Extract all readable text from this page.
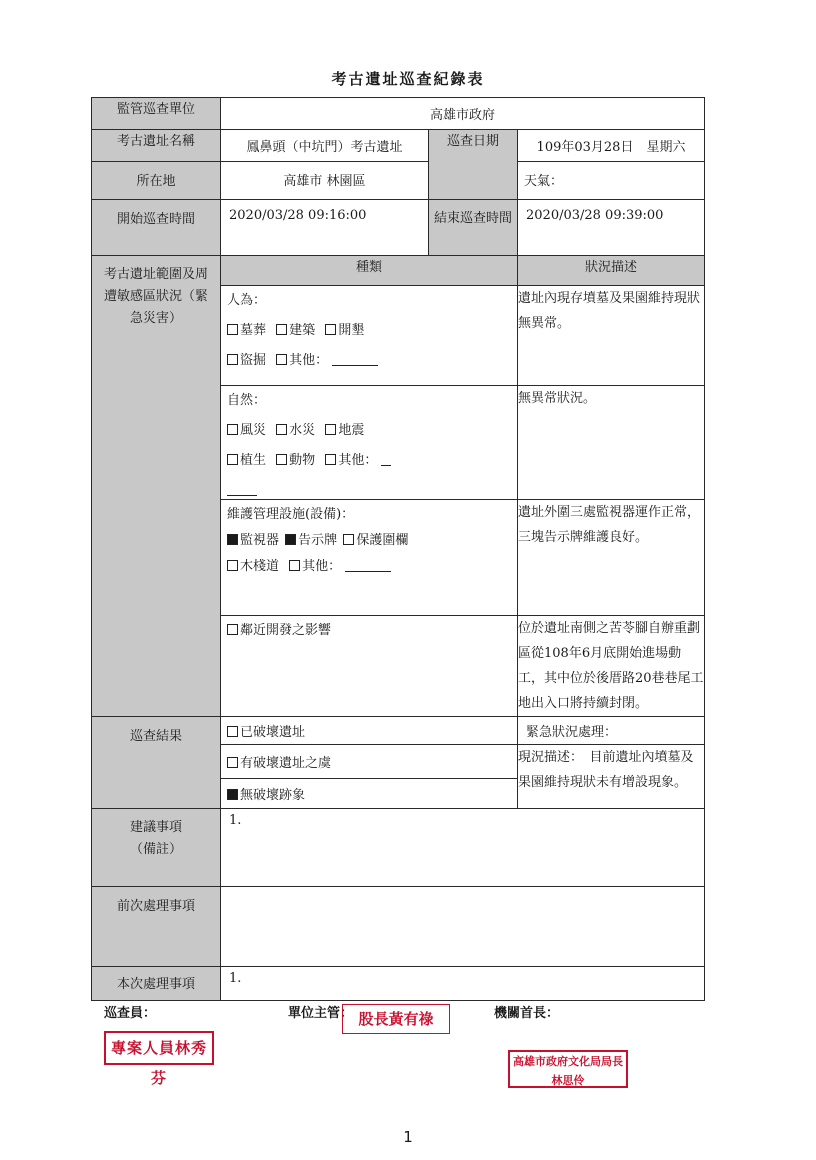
考古遺址巡查紀錄表
監管巡查單位	高雄市政府		
考古遺址名稱	鳳鼻頭（中坑門）考古遺址	巡查日期	109年03月28日　星期六
所在地	高雄市 林園區		天氣：
開始巡查時間	2020/03/28 09:16:00	結束巡查時間	2020/03/28 09:39:00
考古遺址範圍及周遭敏感區狀況（緊急災害）	種類		狀況描述

	人為：
墓葬 建築 開墾
盜掘 其他：		遺址內現存墳墓及果園維持現狀無異常。

	自然：
風災 水災 地震
植生 動物 其他：		無異常狀況。

	維護管理設施(設備)：
監視器 告示牌 保護圍欄
木棧道 其他：		遺址外圍三處監視器運作正常，三塊告示牌維護良好。

	鄰近開發之影響		位於遺址南側之苦苓腳自辦重劃區從108年6月底開始進場動工，其中位於後厝路20巷巷尾工地出入口將持續封閉。
巡查結果	已破壞遺址		緊急狀況處理：
	有破壞遺址之虞		現況描述：　目前遺址內墳墓及果園維持現狀未有增設現象。
	無破壞跡象		
建議事項（備註）	1.		
前次處理事項			
本次處理事項	1.		
巡查員：	單位主管：	機關首長：
專案人員林秀芬
股長黃有祿
高雄市政府文化局局長林思伶
1
